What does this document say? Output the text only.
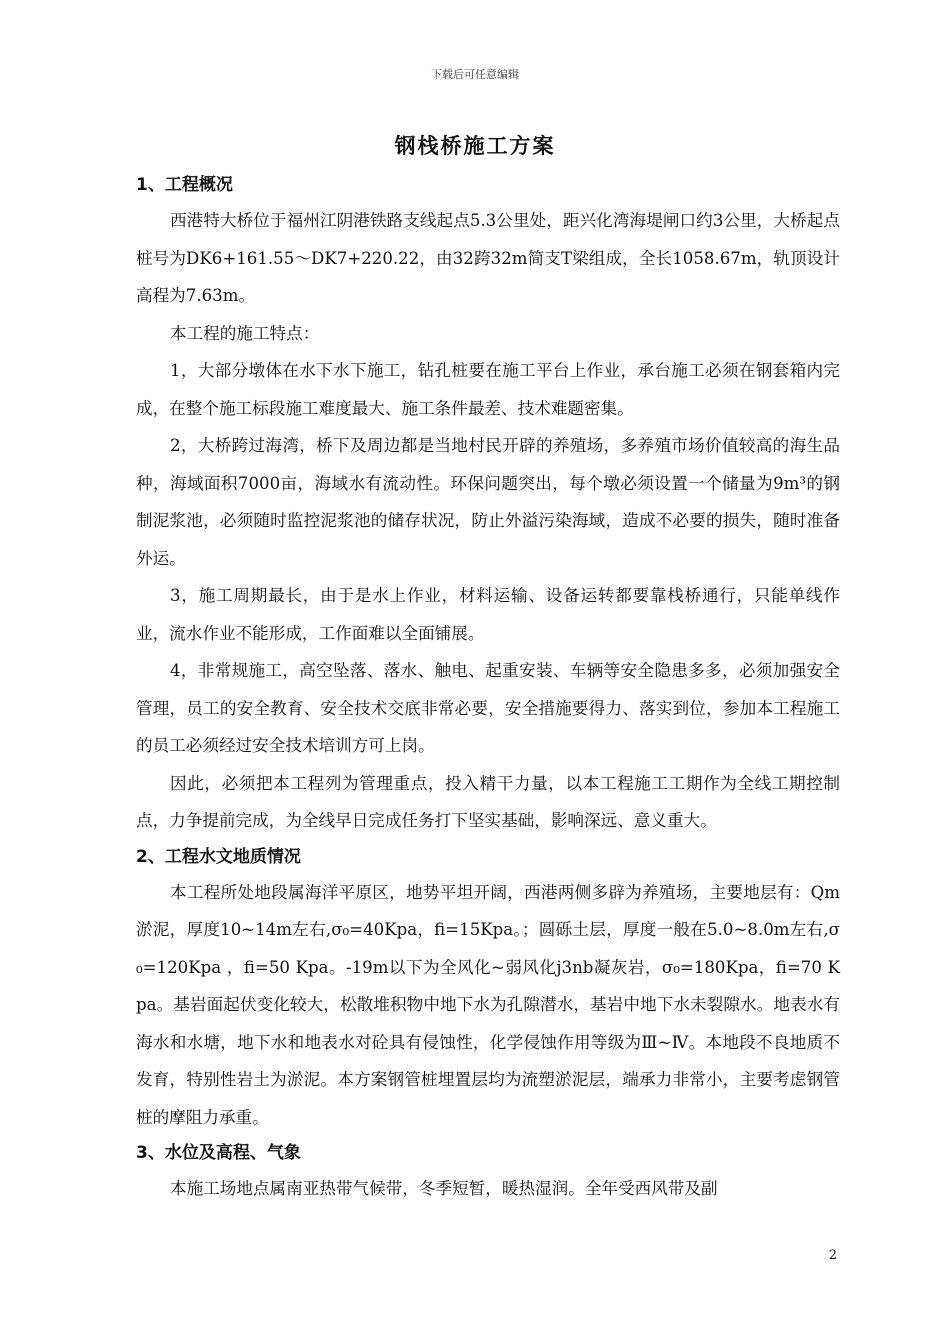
下载后可任意编辑
钢栈桥施工方案
1、工程概况

西港特大桥位于福州江阴港铁路支线起点5.3公里处，距兴化湾海堤闸口约3公里，大桥起点桩号为DK6+161.55～DK7+220.22，由32跨32m简支T梁组成，全长1058.67m，轨顶设计高程为7.63m。

本工程的施工特点：

1，大部分墩体在水下水下施工，钻孔桩要在施工平台上作业，承台施工必须在钢套箱内完成，在整个施工标段施工难度最大、施工条件最差、技术难题密集。

2，大桥跨过海湾，桥下及周边都是当地村民开辟的养殖场，多养殖市场价值较高的海生品种，海域面积7000亩，海域水有流动性。环保问题突出，每个墩必须设置一个储量为9m³的钢制泥浆池，必须随时监控泥浆池的储存状况，防止外溢污染海域，造成不必要的损失，随时准备外运。

3，施工周期最长，由于是水上作业，材料运输、设备运转都要靠栈桥通行，只能单线作业，流水作业不能形成，工作面难以全面铺展。

4，非常规施工，高空坠落、落水、触电、起重安装、车辆等安全隐患多多，必须加强安全管理，员工的安全教育、安全技术交底非常必要，安全措施要得力、落实到位，参加本工程施工的员工必须经过安全技术培训方可上岗。

因此，必须把本工程列为管理重点，投入精干力量，以本工程施工工期作为全线工期控制点，力争提前完成，为全线早日完成任务打下坚实基础，影响深远、意义重大。

2、工程水文地质情况

本工程所处地段属海洋平原区，地势平坦开阔，西港两侧多辟为养殖场，主要地层有：Qm淤泥，厚度10~14m左右,σ₀=40Kpa，fi=15Kpa。；圆砾土层，厚度一般在5.0~8.0m左右,σ₀=120Kpa ，fi=50 Kpa。-19m以下为全风化~弱风化j3nb凝灰岩，σ₀=180Kpa，fi=70 Kpa。基岩面起伏变化较大，松散堆积物中地下水为孔隙潜水，基岩中地下水未裂隙水。地表水有海水和水塘，地下水和地表水对砼具有侵蚀性，化学侵蚀作用等级为Ⅲ~Ⅳ。本地段不良地质不发育，特别性岩土为淤泥。本方案钢管桩埋置层均为流塑淤泥层，端承力非常小，主要考虑钢管桩的摩阻力承重。

3、水位及高程、气象

本施工场地点属南亚热带气候带，冬季短暂，暖热湿润。全年受西风带及副

2
